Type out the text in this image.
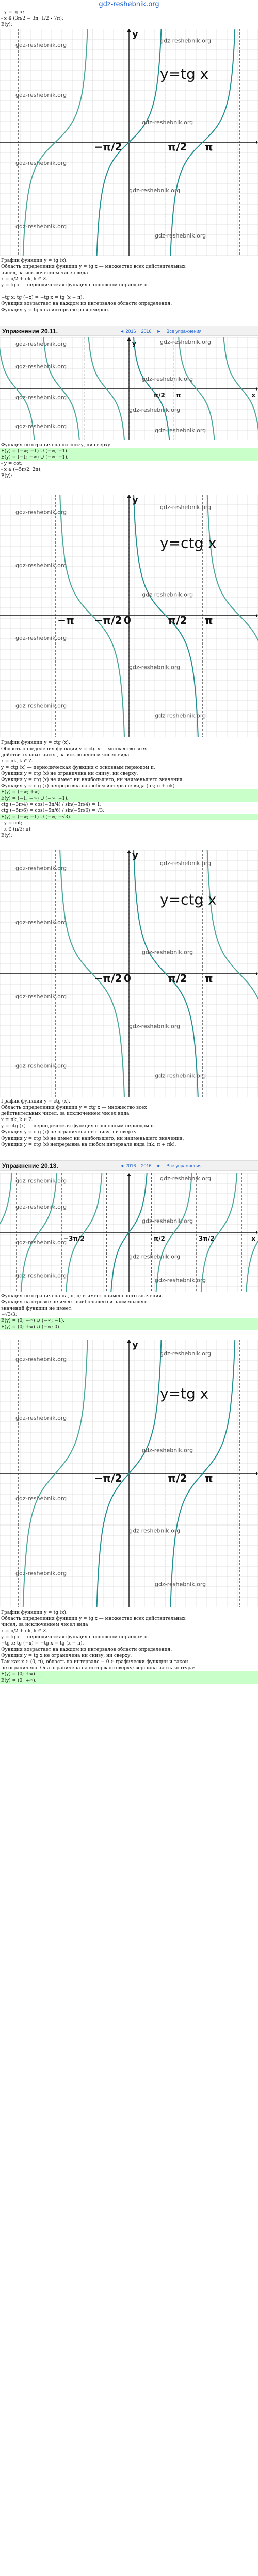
gdz-reshebnik.org
- y = tg x;
- x ∈ (3π/2 − 3π; 1/2 ∙ 7π);
E(y):
−π/2	π/2 π
y
y=tg x
gdz-reshebnik.org
gdz-reshebnik.org
gdz-reshebnik.org
gdz-reshebnik.org
gdz-reshebnik.org
gdz-reshebnik.org
gdz-reshebnik.org
gdz-reshebnik.org
График функции y = tg (x).
Область определения функции y = tg x — множество всех действительных
чисел, за исключением чисел вида
x = π/2 + πk, k ∈ Z.
y = tg x — периодическая функция с основным периодом π.
−tg x; tg (−x) = −tg x = tg (x − π).
Функция возрастает на каждом из интервалов области определения.
Функция y = tg x на интервале равномерно.
Упражнение 20.11.	◄ 2016 2016 ► Все упражнения
π/2 π	x
y
gdz-reshebnik.org	gdz-reshebnik.org
gdz-reshebnik.org
gdz-reshebnik.org
gdz-reshebnik.org
gdz-reshebnik.org
gdz-reshebnik.org
gdz-reshebnik.org
Функция не ограничена ни снизу, ни сверху.
E(y) = (−∞; −1) ∪ (−∞; −1).
E(y) = (−1; −∞) ∪ (−∞; −1).
- y = cot;
- x ∈ (−5π/2; 2π);
E(y):
−π/2
−π	0	π/2 π
y
y=ctg x
gdz-reshebnik.org
gdz-reshebnik.org
gdz-reshebnik.org
gdz-reshebnik.org
gdz-reshebnik.org
gdz-reshebnik.org
gdz-reshebnik.org
gdz-reshebnik.org
График функции y = ctg (x).
Область определения функции y = ctg x — множество всех
действительных чисел, за исключением чисел вида
x = πk, k ∈ Z.
y = ctg (x) — периодическая функция с основным периодом π.
Функция y = ctg (x) не ограничена ни снизу, ни сверху.
Функция y = ctg (x) не имеет ни наибольшего, ни наименьшего значения.
Функция y = ctg (x) непрерывна на любом интервале вида (πk; π + πk).
E(y) = (−∞; +∞)
E(y) = (−1; −∞) ∪ (−∞; −1).
ctg (−3π/4) = cos(−3π/4) / sin(−3π/4) = 1;
ctg (−5π/6) = cos(−5π/6) / sin(−5π/6) = √3;
E(y) = (−∞; −1) ∪ (−∞; −√3).
- y = cot;
- x ∈ (π/3; π);
E(y):
−π/2 0	π/2 π
y
y=ctg x
gdz-reshebnik.org
gdz-reshebnik.org
gdz-reshebnik.org
gdz-reshebnik.org
gdz-reshebnik.org
gdz-reshebnik.org
gdz-reshebnik.org
gdz-reshebnik.org
График функции y = ctg (x).
Область определения функции y = ctg x — множество всех
действительных чисел, за исключением чисел вида
x = πk, k ∈ Z.
y = ctg (x) — периодическая функция с основным периодом π.
Функция y = ctg (x) не ограничена ни снизу, ни сверху.
Функция y = ctg (x) не имеет ни наибольшего, ни наименьшего значения.
Функция y = ctg (x) непрерывна на любом интервале вида (πk; π + πk).
Упражнение 20.13.	◄ 2016 2016 ► Все упражнения
−3π/2	π/2	3π/2	x
gdz-reshebnik.org	gdz-reshebnik.org
gdz-reshebnik.org
gdz-reshebnik.org
gdz-reshebnik.org
gdz-reshebnik.org
gdz-reshebnik.org
gdz-reshebnik.org
Функция не ограничена на, π, π; и имеет наименьшего значения.
Функция на отрезке не имеет наибольшего и наименьшего
значений функции не имеет.
−√3/3;
E(y) = (0; −∞) ∪ (−∞; −1).
E(y) = (0; +∞) ∪ (−∞; 0).
−π/2	π/2 π
y
y=tg x
gdz-reshebnik.org
gdz-reshebnik.org
gdz-reshebnik.org
gdz-reshebnik.org
gdz-reshebnik.org
gdz-reshebnik.org
gdz-reshebnik.org
gdz-reshebnik.org
График функции y = tg (x).
Область определения функции y = tg x — множество всех действительных
чисел, за исключением чисел вида
x = π/2 + πk, k ∈ Z.
y = tg x — периодическая функция с основным периодом π.
−tg x; tg (−x) = −tg x = tg (x − π).
Функция возрастает на каждом из интервалов области определения.
Функция y = tg x не ограничена ни снизу, ни сверху.
Так как x ∈ (0; π), область на интервале − 0 ∈ графически функции и такой
не ограничена. Она ограничена на интервале сверху; вершина часть контура:
E(y) = (0; +∞).
E(y) = (0; +∞).
